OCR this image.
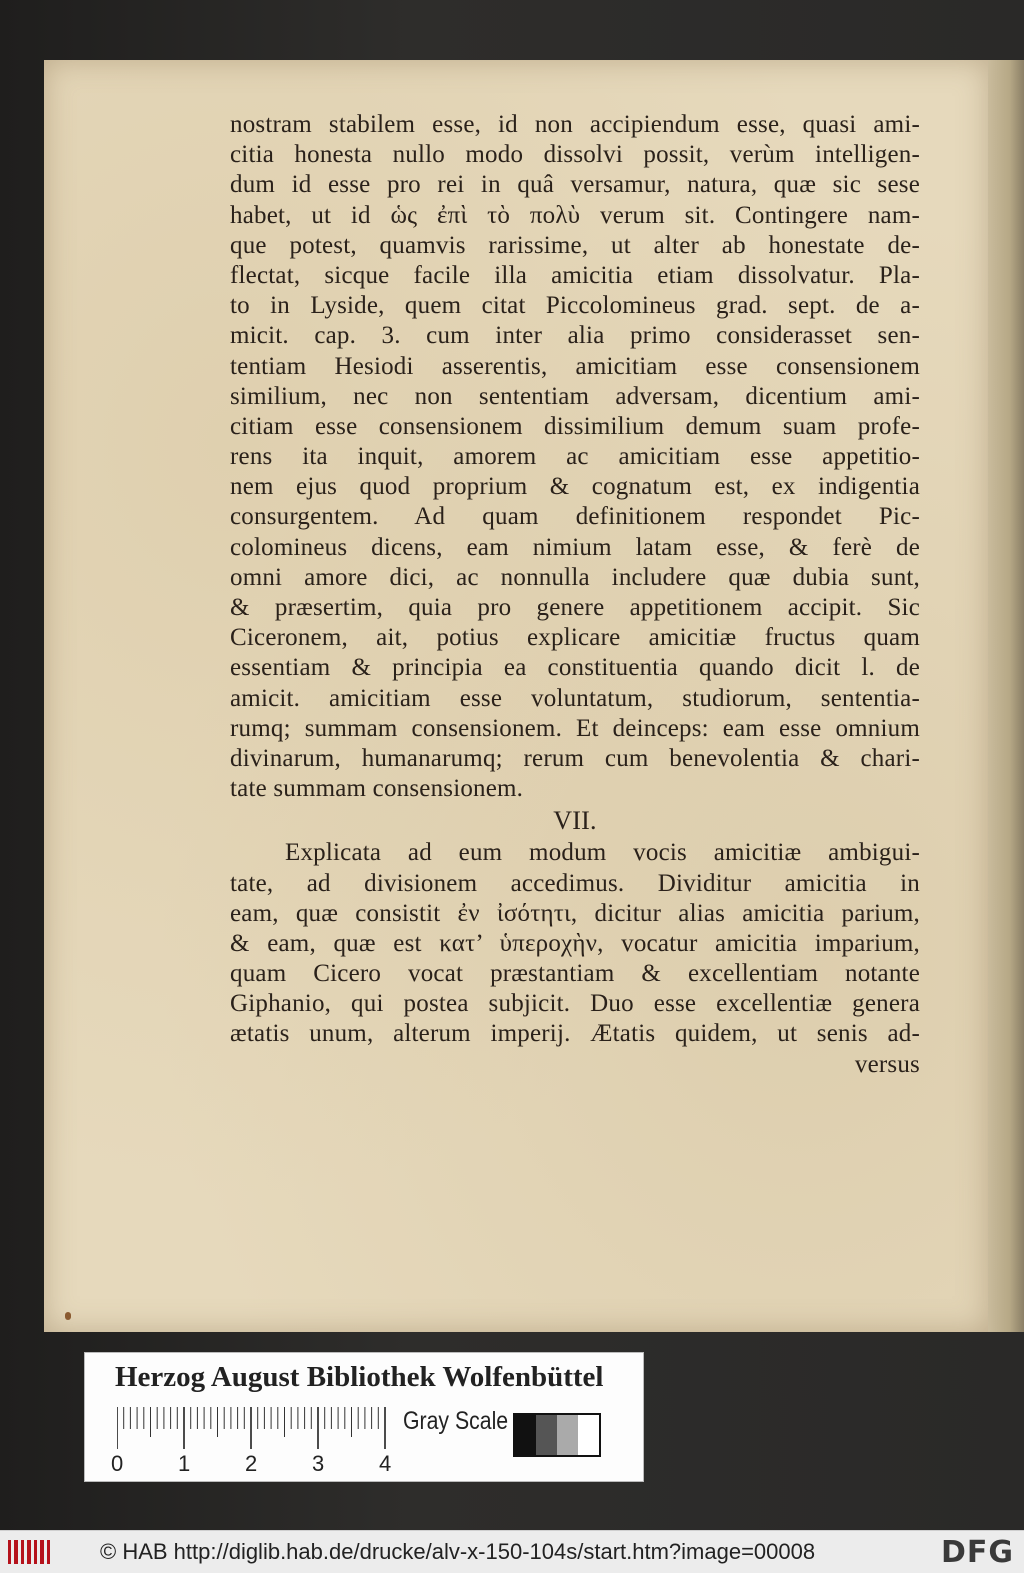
nostram stabilem esse, id non accipiendum esse, quasi ami-
citia honesta nullo modo dissolvi possit, verùm intelligen-
dum id esse pro rei in quâ versamur, natura, quæ sic sese
habet, ut id ὡς ἐπὶ τὸ πολὺ verum sit. Contingere nam-
que potest, quamvis rarissime, ut alter ab honestate de-
flectat, sicque facile illa amicitia etiam dissolvatur. Pla-
to in Lyside, quem citat Piccolomineus grad. sept. de a-
micit. cap. 3. cum inter alia primo considerasset sen-
tentiam Hesiodi asserentis, amicitiam esse consensionem
similium, nec non sententiam adversam, dicentium ami-
citiam esse consensionem dissimilium demum suam profe-
rens ita inquit, amorem ac amicitiam esse appetitio-
nem ejus quod proprium & cognatum est, ex indigentia
consurgentem. Ad quam definitionem respondet Pic-
colomineus dicens, eam nimium latam esse, & ferè de
omni amore dici, ac nonnulla includere quæ dubia sunt,
& præsertim, quia pro genere appetitionem accipit. Sic
Ciceronem, ait, potius explicare amicitiæ fructus quam
essentiam & principia ea constituentia quando dicit l. de
amicit. amicitiam esse voluntatum, studiorum, sententia-
rumq; summam consensionem. Et deinceps: eam esse omnium
divinarum, humanarumq; rerum cum benevolentia & chari-
tate summam consensionem.
VII.
Explicata ad eum modum vocis amicitiæ ambigui-
tate, ad divisionem accedimus. Dividitur amicitia in
eam, quæ consistit ἐν ἰσότητι, dicitur alias amicitia parium,
& eam, quæ est κατ’ ὑπεροχὴν, vocatur amicitia imparium,
quam Cicero vocat præstantiam & excellentiam notante
Giphanio, qui postea subjicit. Duo esse excellentiæ genera
ætatis unum, alterum imperij. Ætatis quidem, ut senis ad-
versus
Herzog August Bibliothek Wolfenbüttel
0 1 2 3 4
Gray Scale
© HAB http://diglib.hab.de/drucke/alv-x-150-104s/start.htm?image=00008	DFG
